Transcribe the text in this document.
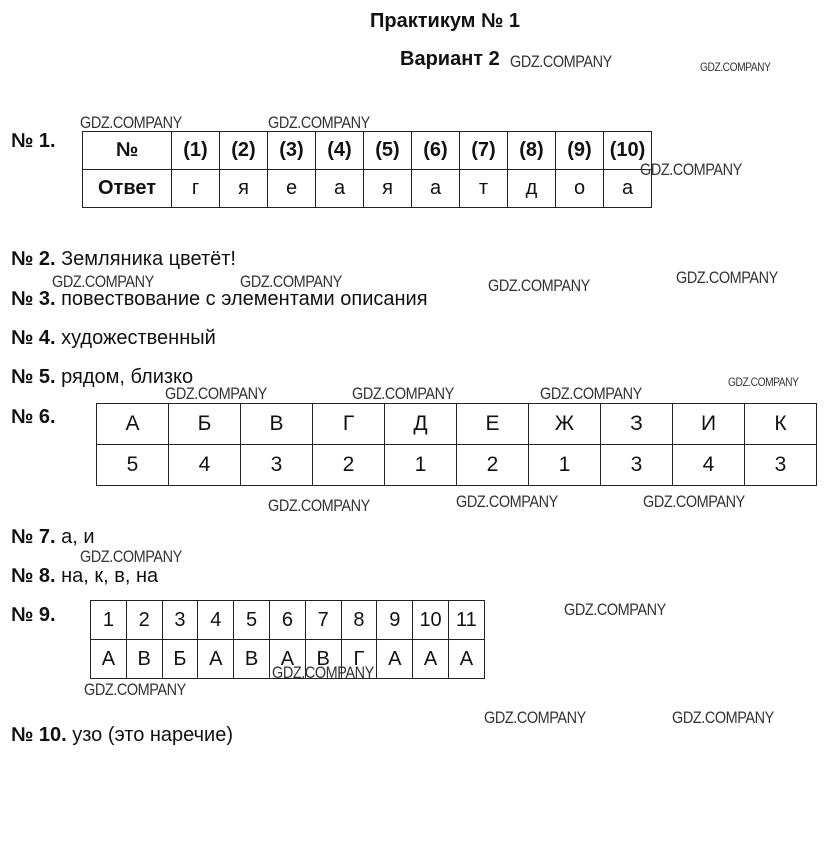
Практикум № 1
Вариант 2
№ 1.	№	(1)	(2)	(3)	(4)	(5)	(6)	(7)	(8)	(9)	(10)
Ответ	г	я	е	а	я	а	т	д	о	а
№ 2. Земляника цветёт!
№ 3. повествование с элементами описания
№ 4. художественный
№ 5. рядом, близко
№ 6.	А	Б	В	Г	Д	Е	Ж	З	И	К
5	4	3	2	1	2	1	3	4	3
№ 7. а, и
№ 8. на, к, в, на
№ 9. 1	2	3	4	5	6	7	8	9	10	11
А	В	Б	А	В	А	В	Г	А	А	А
№ 10. узо (это наречие)
GDZ.COMPANY	GDZ.COMPANY
GDZ.COMPANY	GDZ.COMPANY
GDZ.COMPANY
GDZ.COMPANY	GDZ.COMPANY	GDZ.COMPANY	GDZ.COMPANY
GDZ.COMPANY	GDZ.COMPANY	GDZ.COMPANY
GDZ.COMPANY
GDZ.COMPANY	GDZ.COMPANY	GDZ.COMPANY
GDZ.COMPANY
GDZ.COMPANY
GDZ.COMPANY
GDZ.COMPANY
GDZ.COMPANY	GDZ.COMPANY
